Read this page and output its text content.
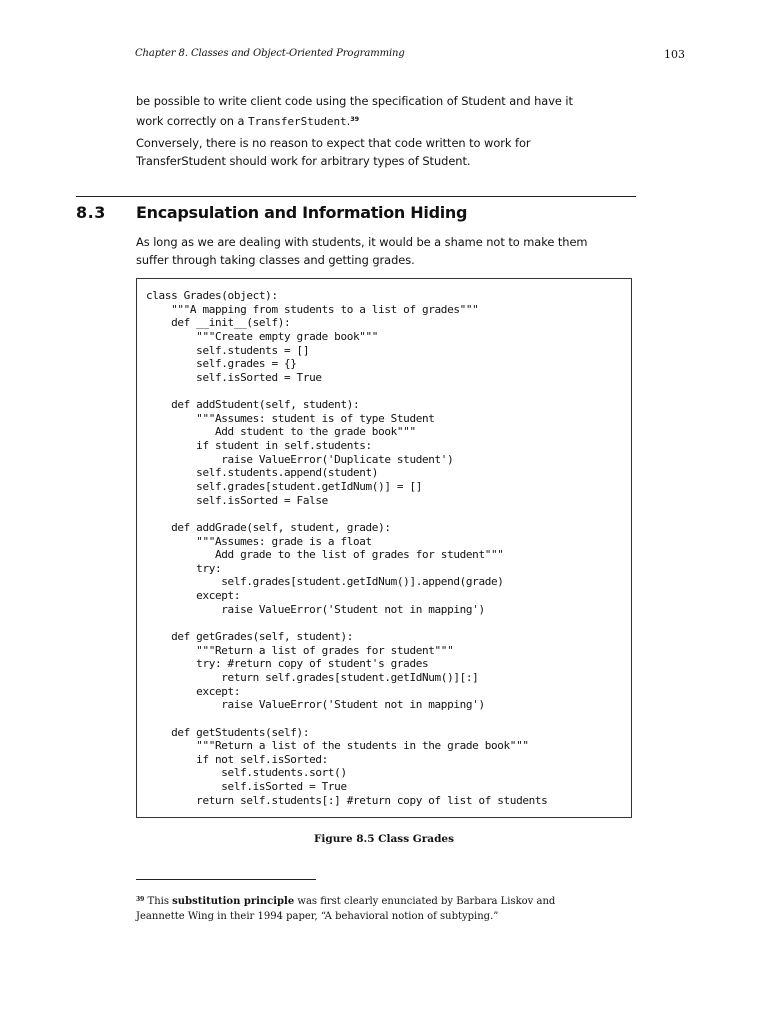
Chapter 8. Classes and Object-Oriented Programming	103
be possible to write client code using the specification of Student and have it
work correctly on a TransferStudent.$^{39}$
Conversely, there is no reason to expect that code written to work for
TransferStudent should work for arbitrary types of Student.
8.3 Encapsulation and Information Hiding
As long as we are dealing with students, it would be a shame not to make them
suffer through taking classes and getting grades.
class Grades(object):
"""A mapping from students to a list of grades"""
def __init__(self):
"""Create empty grade book"""
self.students = []
self.grades = {}
self.isSorted = True
def addStudent(self, student):
"""Assumes: student is of type Student
Add student to the grade book"""
if student in self.students:
raise ValueError('Duplicate student')
self.students.append(student)
self.grades[student.getIdNum()] = []
self.isSorted = False
def addGrade(self, student, grade):
"""Assumes: grade is a float
Add grade to the list of grades for student"""
try:
self.grades[student.getIdNum()].append(grade)
except:
raise ValueError('Student not in mapping')
def getGrades(self, student):
"""Return a list of grades for student"""
try: #return copy of student's grades
return self.grades[student.getIdNum()][:]
except:
raise ValueError('Student not in mapping')
def getStudents(self):
"""Return a list of the students in the grade book"""
if not self.isSorted:
self.students.sort()
self.isSorted = True
return self.students[:] #return copy of list of students
Figure 8.5 Class Grades
$^{39}$ This substitution principle was first clearly enunciated by Barbara Liskov and
Jeannette Wing in their 1994 paper, “A behavioral notion of subtyping.”
